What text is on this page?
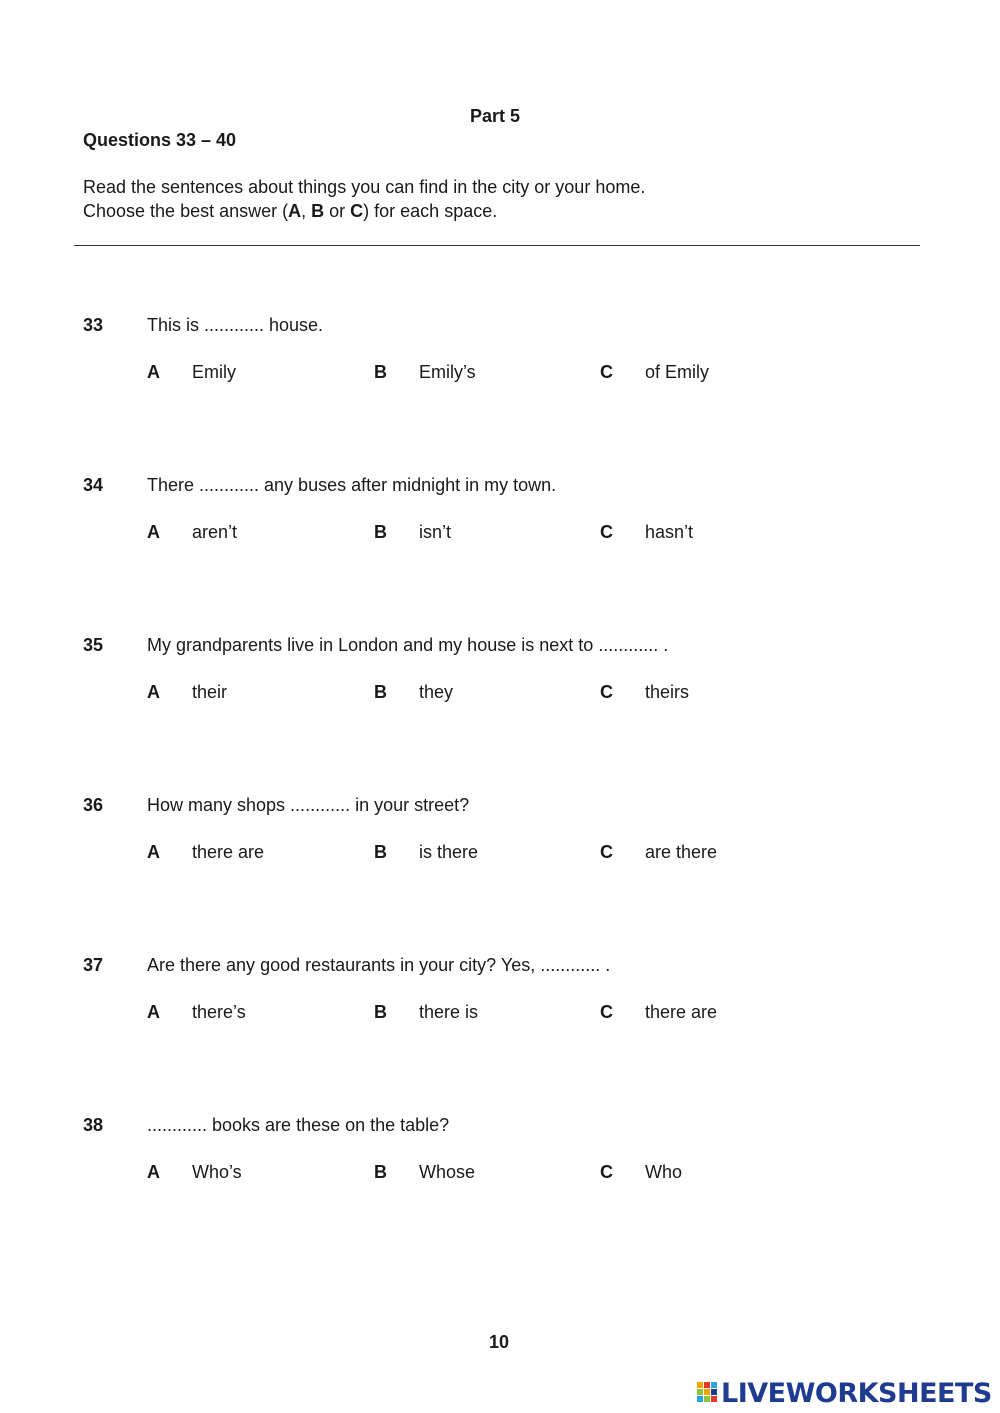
Part 5
Questions 33 – 40
Read the sentences about things you can find in the city or your home.
Choose the best answer (A, B or C) for each space.
33 This is ............ house.
A Emily	B Emily’s	C of Emily
34 There ............ any buses after midnight in my town.
A aren’t	B isn’t	C hasn’t
35 My grandparents live in London and my house is next to ............ .
A their	B they	C theirs
36 How many shops ............ in your street?
A there are	B is there	C are there
37 Are there any good restaurants in your city? Yes, ............ .
A there’s	B there is	C there are
38 ............ books are these on the table?
A Who’s	B Whose	C Who
10
LIVEWORKSHEETS
